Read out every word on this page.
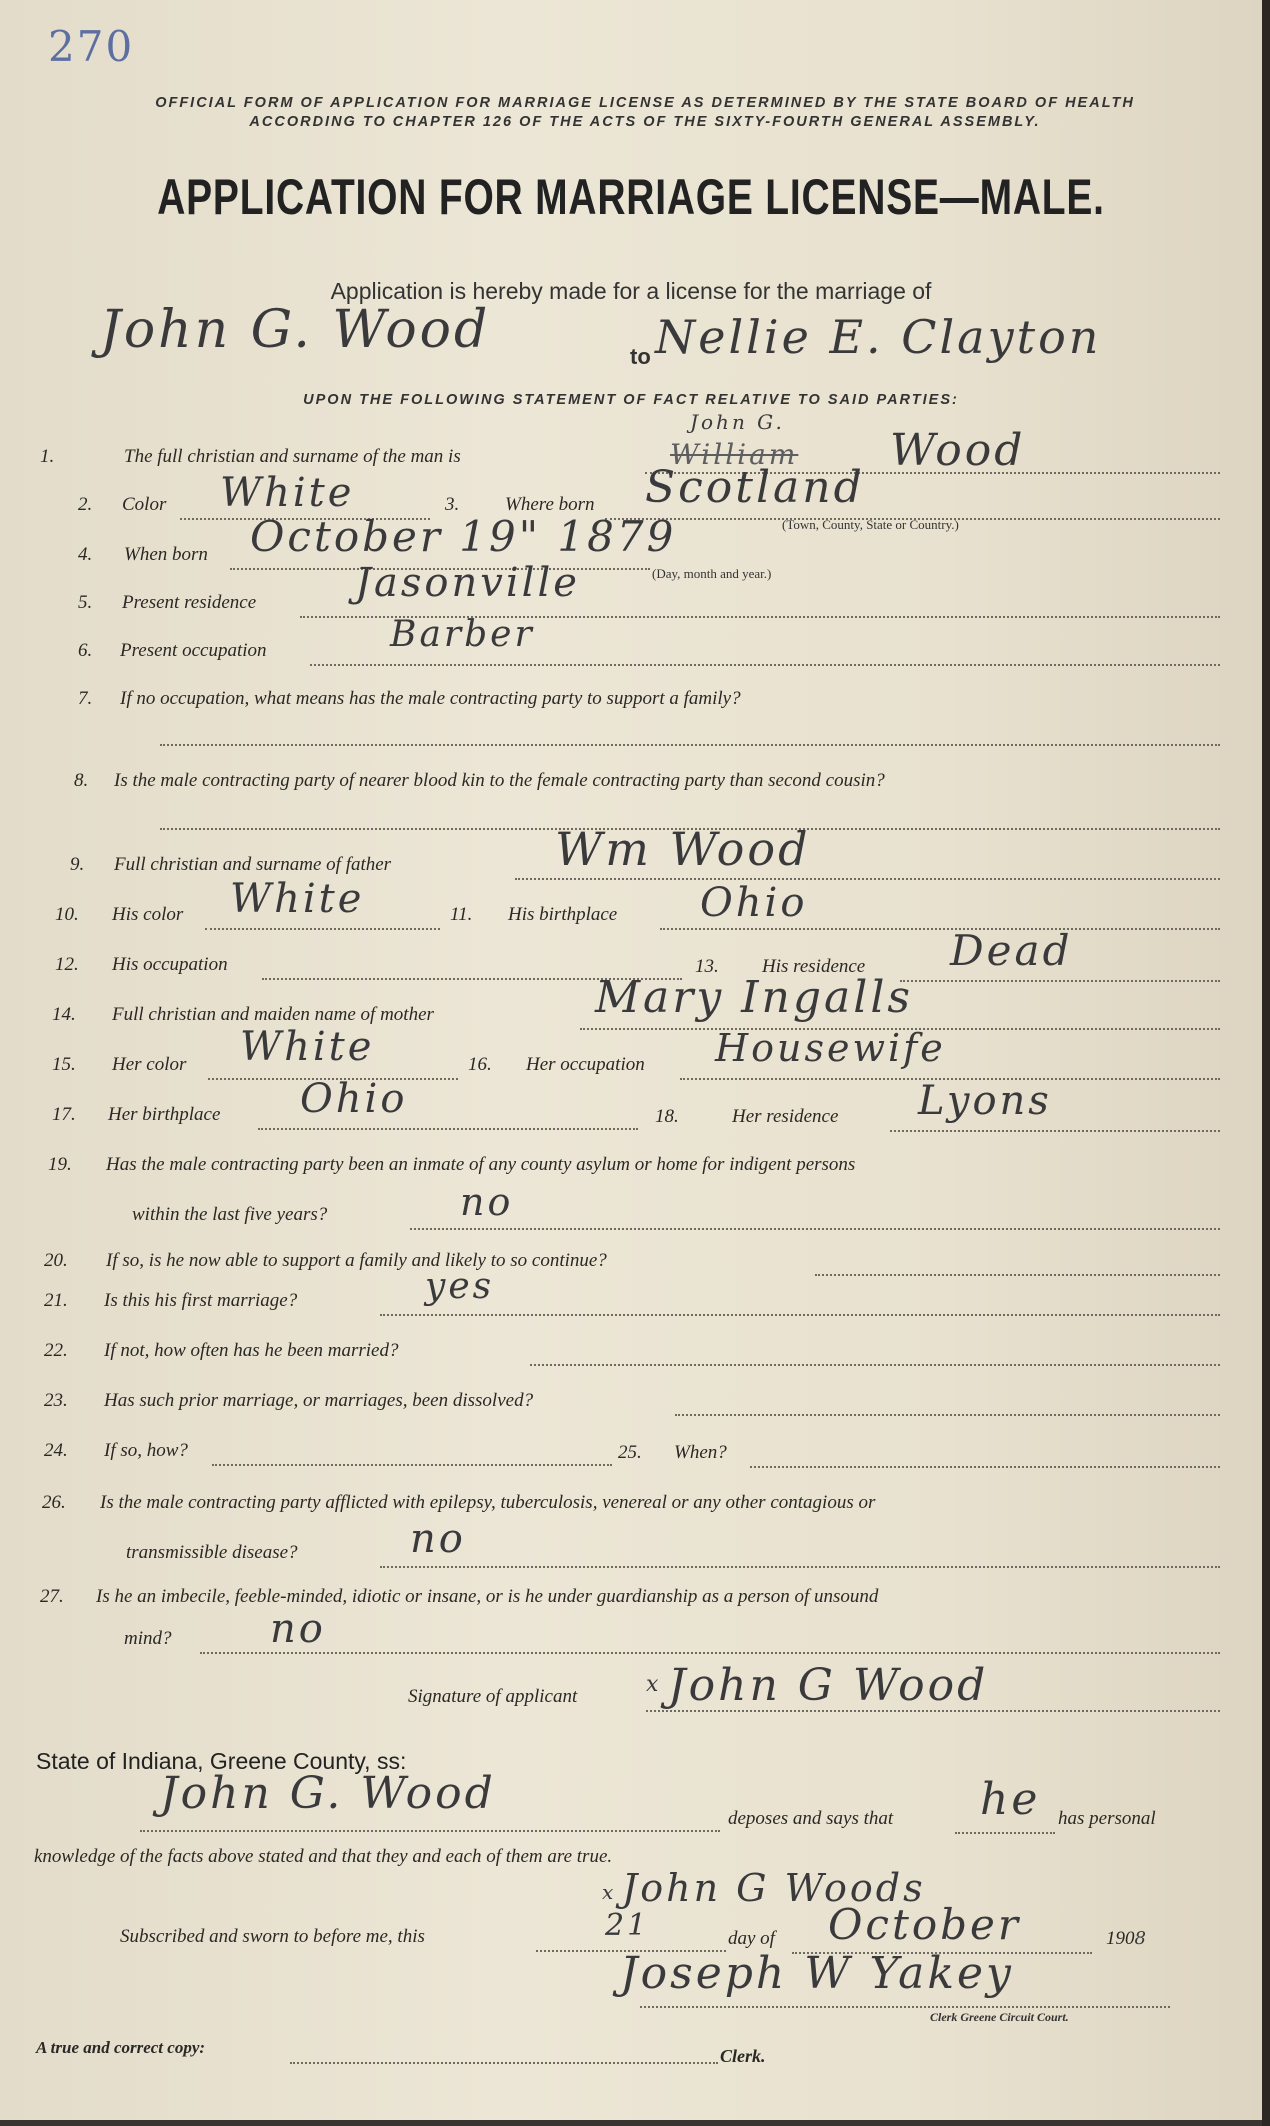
270
OFFICIAL FORM OF APPLICATION FOR MARRIAGE LICENSE AS DETERMINED BY THE STATE BOARD OF HEALTH
ACCORDING TO CHAPTER 126 OF THE ACTS OF THE SIXTY-FOURTH GENERAL ASSEMBLY.
APPLICATION FOR MARRIAGE LICENSE—MALE.
Application is hereby made for a license for the marriage of
John G. Wood	to Nellie E. Clayton
UPON THE FOLLOWING STATEMENT OF FACT RELATIVE TO SAID PARTIES:
1.	The full christian and surname of the man is	William
John G.
Wood
2. Color White	3. Where born Scotland
(Town, County, State or Country.)
4. When born October 19" 1879
(Day, month and year.)
5. Present residence Jasonville
6. Present occupation	Barber
7. If no occupation, what means has the male contracting party to support a family?
8. Is the male contracting party of nearer blood kin to the female contracting party than second cousin?
9. Full christian and surname of father	Wm Wood
10. His color White	11. His birthplace Ohio
12. His occupation	13. His residence Dead
14. Full christian and maiden name of mother	Mary Ingalls
15. Her color White	16. Her occupation Housewife
17. Her birthplace Ohio	18.	Her residence Lyons
19. Has the male contracting party been an inmate of any county asylum or home for indigent persons
within the last five years?	no
20. If so, is he now able to support a family and likely to so continue?
21. Is this his first marriage?	yes
22. If not, how often has he been married?
23. Has such prior marriage, or marriages, been dissolved?
24. If so, how?	25. When?
26. Is the male contracting party afflicted with epilepsy, tuberculosis, venereal or any other contagious or
transmissible disease?	no
27. Is he an imbecile, feeble-minded, idiotic or insane, or is he under guardianship as a person of unsound
mind? no
Signature of applicant	x John G Wood
State of Indiana, Greene County, ss:
John G. Wood	deposes and says that he has personal
knowledge of the facts above stated and that they and each of them are true.
x John G Woods
Subscribed and sworn to before me, this	21	day of October	1908
Joseph W Yakey
Clerk Greene Circuit Court.
A true and correct copy:	Clerk.
